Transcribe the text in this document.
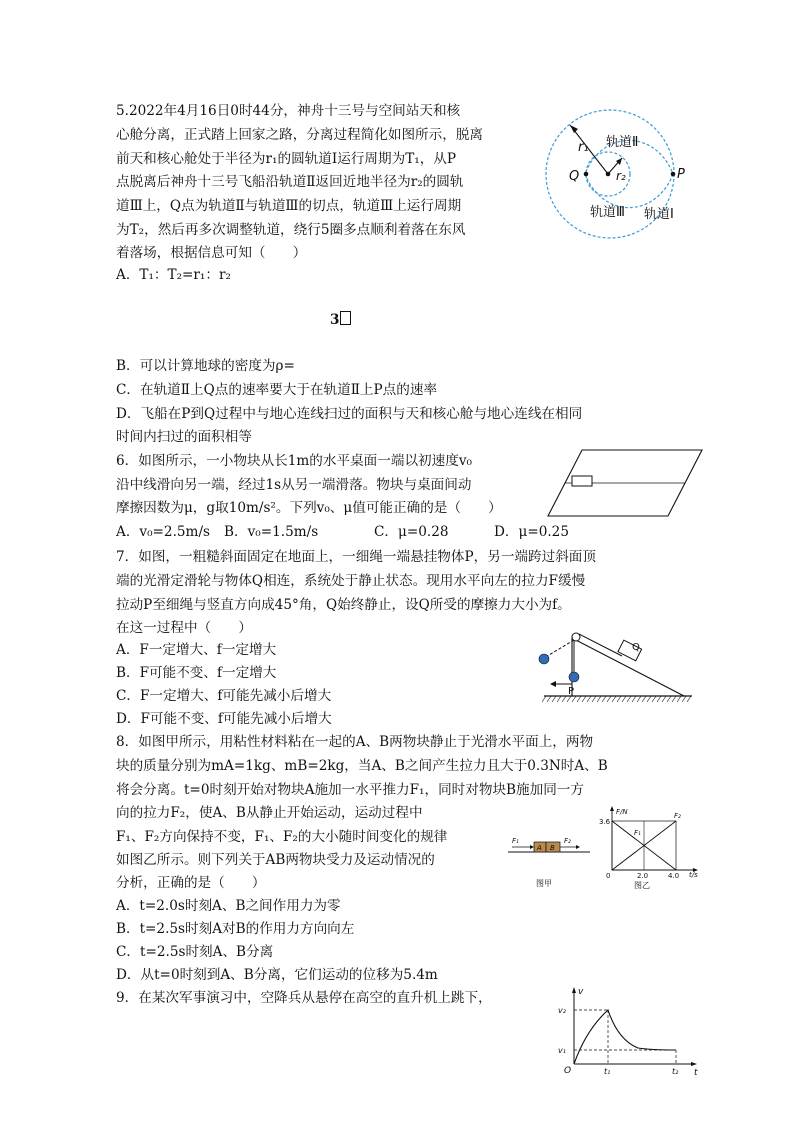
5.2022年4月16日0时44分，神舟十三号与空间站天和核
心舱分离，正式踏上回家之路，分离过程简化如图所示，脱离
前天和核心舱处于半径为r₁的圆轨道Ⅰ运行周期为T₁，从P
点脱离后神舟十三号飞船沿轨道Ⅱ返回近地半径为r₂的圆轨
道Ⅲ上，Q点为轨道Ⅱ与轨道Ⅲ的切点，轨道Ⅲ上运行周期
为T₂，然后再多次调整轨道，绕行5圈多点顺利着落在东风
着落场，根据信息可知（　　）
A．T₁：T₂=r₁：r₂
3
B．可以计算地球的密度为ρ=
C．在轨道Ⅱ上Q点的速率要大于在轨道Ⅱ上P点的速率
D．飞船在P到Q过程中与地心连线扫过的面积与天和核心舱与地心连线在相同
时间内扫过的面积相等
轨道Ⅱ
r₁
Q	r₂	P
轨道Ⅲ 轨道Ⅰ
6．如图所示，一小物块从长1m的水平桌面一端以初速度v₀
沿中线滑向另一端，经过1s从另一端滑落。物块与桌面间动
摩擦因数为μ，g取10m/s²。下列v₀、μ值可能正确的是（　　）
A．v₀=2.5m/s B．v₀=1.5m/s	C．μ=0.28	D．μ=0.25
7．如图，一粗糙斜面固定在地面上，一细绳一端悬挂物体P，另一端跨过斜面顶
端的光滑定滑轮与物体Q相连，系统处于静止状态。现用水平向左的拉力F缓慢
拉动P至细绳与竖直方向成45°角，Q始终静止，设Q所受的摩擦力大小为f。
在这一过程中（　　）
A．F一定增大、f一定增大
B．F可能不变、f一定增大
C．F一定增大、f可能先减小后增大
D．F可能不变、f可能先减小后增大
Q
P
8．如图甲所示，用粘性材料粘在一起的A、B两物块静止于光滑水平面上，两物
块的质量分别为mA=1kg、mB=2kg，当A、B之间产生拉力且大于0.3N时A、B
将会分离。t=0时刻开始对物块A施加一水平推力F₁，同时对物块B施加同一方
向的拉力F₂，使A、B从静止开始运动，运动过程中
F₁、F₂方向保持不变，F₁、F₂的大小随时间变化的规律
如图乙所示。则下列关于AB两物块受力及运动情况的
分析，正确的是（　　）
A．t=2.0s时刻A、B之间作用力为零
B．t=2.5s时刻A对B的作用力方向向左
C．t=2.5s时刻A、B分离
D．从t=0时刻到A、B分离，它们运动的位移为5.4m
A B
F₁	F₂
图甲
F/N
t/s
3.6
2.0	4.0
0
F₁
F₂
图乙
9．在某次军事演习中，空降兵从悬停在高空的直升机上跳下，	v
t
v₂
v₁
O	t₁	t₂
